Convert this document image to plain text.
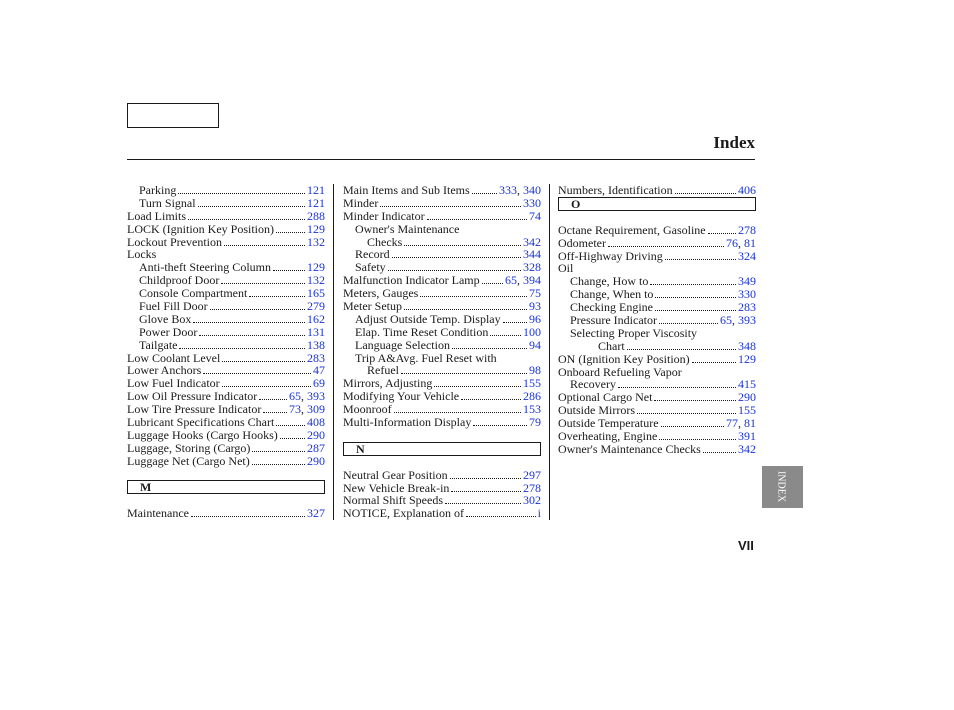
Index
Parking	121
Turn Signal	121
Load Limits	288
LOCK (Ignition Key Position)	129
Lockout Prevention	132
Locks
Anti-theft Steering Column	129
Childproof Door	132
Console Compartment	165
Fuel Fill Door	279
Glove Box	162
Power Door	131
Tailgate	138
Low Coolant Level	283
Lower Anchors	47
Low Fuel Indicator	69
Low Oil Pressure Indicator	65, 393
Low Tire Pressure Indicator 73, 309
Lubricant Specifications Chart	408
Luggage Hooks (Cargo Hooks) 290
Luggage, Storing (Cargo)	287
Luggage Net (Cargo Net)	290
M
Maintenance	327
Main Items and Sub Items 333, 340
Minder	330
Minder Indicator	74
Owner's Maintenance
Checks	342
Record	344
Safety	328
Malfunction Indicator Lamp 65, 394
Meters, Gauges	75
Meter Setup	93
Adjust Outside Temp. Display 96
Elap. Time Reset Condition	100
Language Selection	94
Trip A&Avg. Fuel Reset with
Refuel	98
Mirrors, Adjusting	155
Modifying Your Vehicle	286
Moonroof	153
Multi-Information Display	79
N
Neutral Gear Position	297
New Vehicle Break-in	278
Normal Shift Speeds	302
NOTICE, Explanation of	i
Numbers, Identification	406
O
Octane Requirement, Gasoline	278
Odometer	76, 81
Off-Highway Driving	324
Oil
Change, How to	349
Change, When to	330
Checking Engine	283
Pressure Indicator	65, 393
Selecting Proper Viscosity
Chart	348
ON (Ignition Key Position)	129
Onboard Refueling Vapor
Recovery	415
Optional Cargo Net	290
Outside Mirrors	155
Outside Temperature	77, 81
Overheating, Engine	391
Owner's Maintenance Checks	342
INDEX
VII
